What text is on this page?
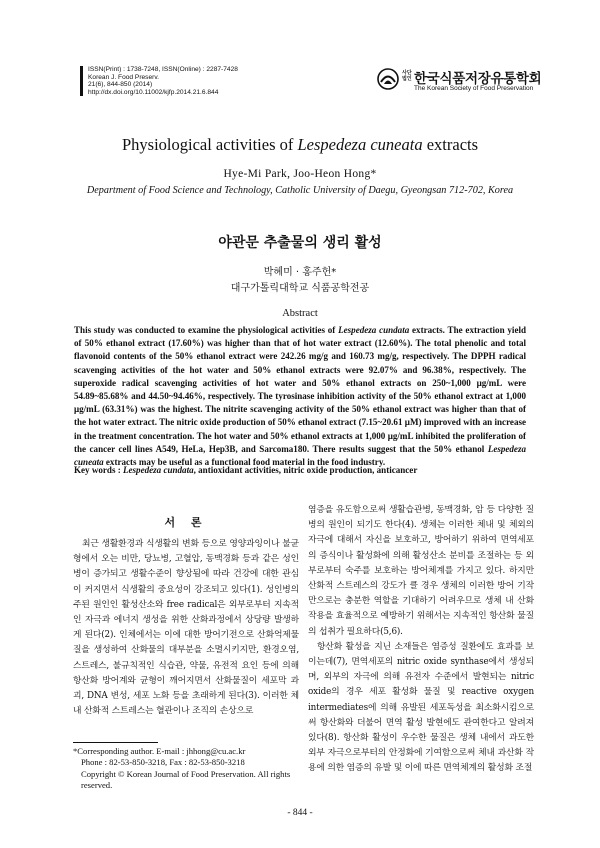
ISSN(Print) : 1738-7248, ISSN(Online) : 2287-7428
Korean J. Food Preserv.
21(6), 844-850 (2014)
http://dx.doi.org/10.11002/kjfp.2014.21.6.844
사단법인 한국식품저장유통학회
The Korean Society of Food Preservation
Physiological activities of Lespedeza cuneata extracts
Hye-Mi Park, Joo-Heon Hong*
Department of Food Science and Technology, Catholic University of Daegu, Gyeongsan 712-702, Korea
야관문 추출물의 생리 활성
박혜미 · 홍주헌*
대구가톨릭대학교 식품공학전공
Abstract

This study was conducted to examine the physiological activities of Lespedeza cundata extracts. The extraction yield of 50% ethanol extract (17.60%) was higher than that of hot water extract (12.60%). The total phenolic and total flavonoid contents of the 50% ethanol extract were 242.26 mg/g and 160.73 mg/g, respectively. The DPPH radical scavenging activities of the hot water and 50% ethanol extracts were 92.07% and 96.38%, respectively. The superoxide radical scavenging activities of hot water and 50% ethanol extracts on 250~1,000 μg/mL were 54.89~85.68% and 44.50~94.46%, respectively. The tyrosinase inhibition activity of the 50% ethanol extract at 1,000 μg/mL (63.31%) was the highest. The nitrite scavenging activity of the 50% ethanol extract was higher than that of the hot water extract. The nitric oxide production of 50% ethanol extract (7.15~20.61 μM) improved with an increase in the treatment concentration. The hot water and 50% ethanol extracts at 1,000 μg/mL inhibited the proliferation of the cancer cell lines A549, HeLa, Hep3B, and Sarcoma180. There results suggest that the 50% ethanol Lespedeza cuneata extracts may be useful as a functional food material in the food industry.

Key words : Lespedeza cundata, antioxidant activities, nitric oxide production, anticancer
서 론

최근 생활환경과 식생활의 변화 등으로 영양과잉이나 불균형에서 오는 비만, 당뇨병, 고혈압, 동맥경화 등과 같은 성인병이 증가되고 생활수준이 향상됨에 따라 건강에 대한 관심이 커지면서 식생활의 중요성이 강조되고 있다(1). 성인병의 주된 원인인 활성산소와 free radical은 외부로부터 지속적인 자극과 에너지 생성을 위한 산화과정에서 상당량 발생하게 된다(2). 인체에서는 이에 대한 방어기전으로 산화억제물질을 생성하여 산화물의 대부분을 소멸시키지만, 환경오염, 스트레스, 불규칙적인 식습관, 약물, 유전적 요인 등에 의해 항산화 방어계와 균형이 깨어지면서 산화물질이 세포막 과괴, DNA 변성, 세포 노화 등을 초래하게 된다(3). 이러한 체내 산화적 스트레스는 혈관이나 조직의 손상으로

염증을 유도함으로써 생활습관병, 동맥경화, 암 등 다양한 질병의 원인이 되기도 한다(4). 생체는 이러한 체내 및 체외의 자극에 대해서 자신을 보호하고, 방어하기 위하여 면역세포의 증식이나 활성화에 의해 활성산소 분비를 조절하는 등 외부로부터 숙주를 보호하는 방어체계를 가지고 있다. 하지만 산화적 스트레스의 강도가 클 경우 생체의 이러한 방어 기작만으로는 충분한 역할을 기대하기 어려우므로 생체 내 산화 작용을 효율적으로 예방하기 위해서는 지속적인 항산화 물질의 섭취가 필요하다(5,6).

항산화 활성을 지닌 소재들은 염증성 질환에도 효과를 보이는데(7), 면역세포의 nitric oxide synthase에서 생성되며, 외부의 자극에 의해 유전자 수준에서 발현되는 nitric oxide의 경우 세포 활성화 물질 및 reactive oxygen intermediates에 의해 유발된 세포독성을 최소화시킴으로써 항산화와 더불어 면역 활성 발현에도 관여한다고 알려져 있다(8). 항산화 활성이 우수한 물질은 생체 내에서 과도한 외부 자극으로부터의 안정화에 기여함으로써 체내 과산화 작용에 의한 염증의 유발 및 이에 따른 면역체계의 활성화 조절

*Corresponding author. E-mail : jhhong@cu.ac.kr
Phone : 82-53-850-3218, Fax : 82-53-850-3218
Copyright © Korean Journal of Food Preservation. All rights reserved.
- 844 -
